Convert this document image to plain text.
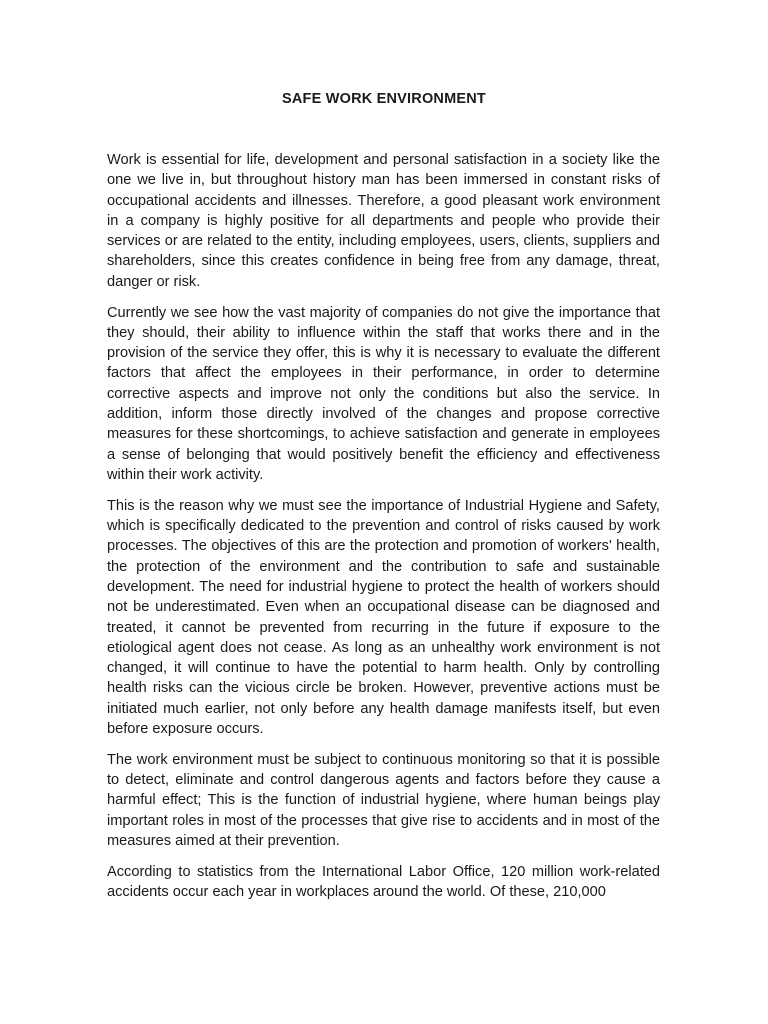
SAFE WORK ENVIRONMENT

Work is essential for life, development and personal satisfaction in a society like the one we live in, but throughout history man has been immersed in constant risks of occupational accidents and illnesses. Therefore, a good pleasant work environment in a company is highly positive for all departments and people who provide their services or are related to the entity, including employees, users, clients, suppliers and shareholders, since this creates confidence in being free from any damage, threat, danger or risk.

Currently we see how the vast majority of companies do not give the importance that they should, their ability to influence within the staff that works there and in the provision of the service they offer, this is why it is necessary to evaluate the different factors that affect the employees in their performance, in order to determine corrective aspects and improve not only the conditions but also the service. In addition, inform those directly involved of the changes and propose corrective measures for these shortcomings, to achieve satisfaction and generate in employees a sense of belonging that would positively benefit the efficiency and effectiveness within their work activity.

This is the reason why we must see the importance of Industrial Hygiene and Safety, which is specifically dedicated to the prevention and control of risks caused by work processes. The objectives of this are the protection and promotion of workers' health, the protection of the environment and the contribution to safe and sustainable development. The need for industrial hygiene to protect the health of workers should not be underestimated. Even when an occupational disease can be diagnosed and treated, it cannot be prevented from recurring in the future if exposure to the etiological agent does not cease. As long as an unhealthy work environment is not changed, it will continue to have the potential to harm health. Only by controlling health risks can the vicious circle be broken. However, preventive actions must be initiated much earlier, not only before any health damage manifests itself, but even before exposure occurs.

The work environment must be subject to continuous monitoring so that it is possible to detect, eliminate and control dangerous agents and factors before they cause a harmful effect; This is the function of industrial hygiene, where human beings play important roles in most of the processes that give rise to accidents and in most of the measures aimed at their prevention.

According to statistics from the International Labor Office, 120 million work-related accidents occur each year in workplaces around the world. Of these, 210,000
